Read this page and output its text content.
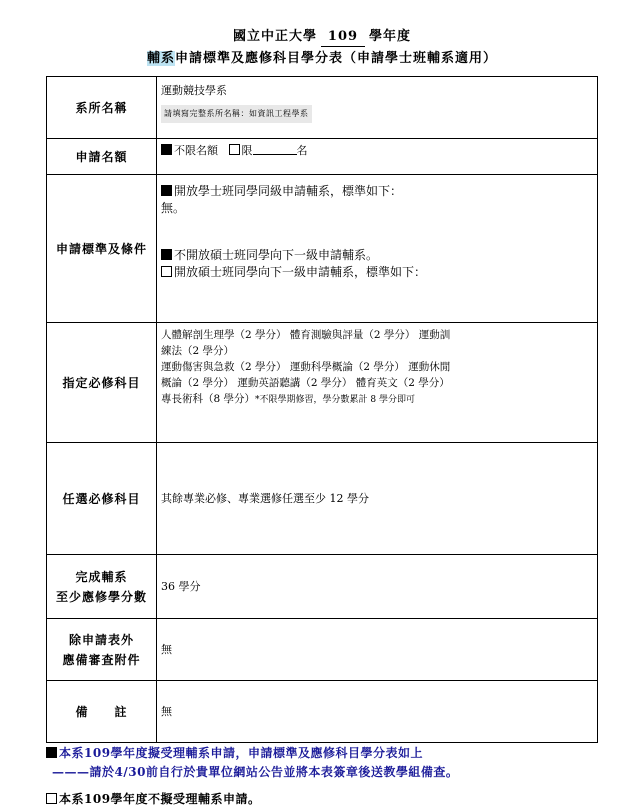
國立中正大學 109 學年度
輔系申請標準及應修科目學分表（申請學士班輔系適用）
系所名稱	運動競技學系
請填寫完整系所名稱：如資訊工程學系
申請名額	不限名額 限 名
申請標準及條件	開放學士班同學同級申請輔系，標準如下：

無。

不開放碩士班同學向下一級申請輔系。

開放碩士班同學向下一級申請輔系，標準如下：

指定必修科目	人體解剖生理學（2 學分） 體育測驗與評量（2 學分） 運動訓

練法（2 學分）

運動傷害與急救（2 學分） 運動科學概論（2 學分） 運動休閒

概論（2 學分） 運動英語聽講（2 學分） 體育英文（2 學分）

專長術科（8 學分）*不限學期修習，學分數累計 8 學分即可

任選必修科目	其餘專業必修、專業選修任選至少 12 學分

完成輔系
至少應修學分數	36 學分

除申請表外
應備審查附件	無
備　　註	無
本系109學年度擬受理輔系申請，申請標準及應修科目學分表如上
———請於4/30前自行於貴單位網站公告並將本表簽章後送教學組備查。
本系109學年度不擬受理輔系申請。
